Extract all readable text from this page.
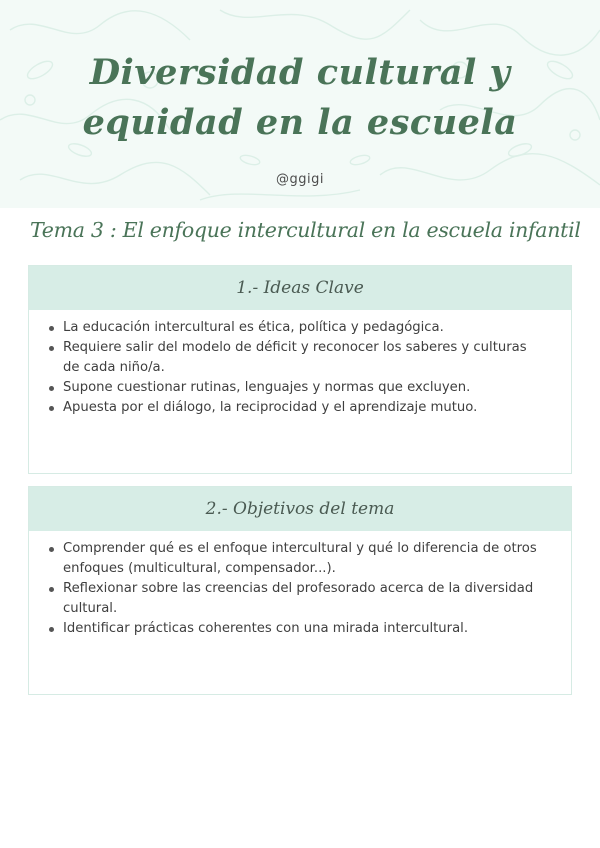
Diversidad cultural y
equidad en la escuela
@ggigi
Tema 3 : El enfoque intercultural en la escuela infantil
1.- Ideas Clave
La educación intercultural es ética, política y pedagógica.
Requiere salir del modelo de déficit y reconocer los saberes y culturas de cada niño/a.
Supone cuestionar rutinas, lenguajes y normas que excluyen.
Apuesta por el diálogo, la reciprocidad y el aprendizaje mutuo.
2.- Objetivos del tema
Comprender qué es el enfoque intercultural y qué lo diferencia de otros enfoques (multicultural, compensador...).
Reflexionar sobre las creencias del profesorado acerca de la diversidad cultural.
Identificar prácticas coherentes con una mirada intercultural.
